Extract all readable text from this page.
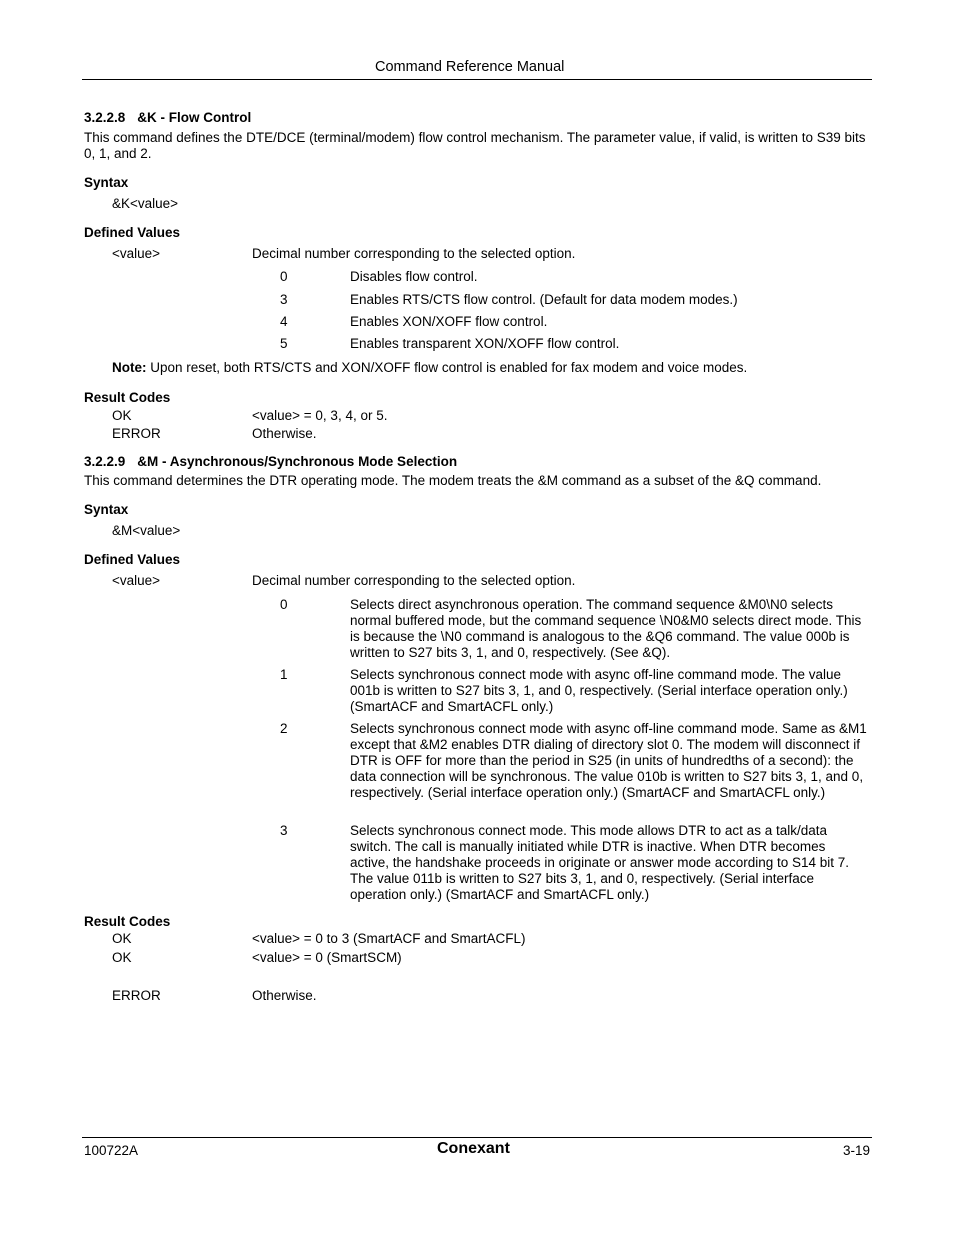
Command Reference Manual
3.2.2.8 &K - Flow Control
This command defines the DTE/DCE (terminal/modem) flow control mechanism. The parameter value, if valid, is written to S39 bits 0, 1, and 2.
Syntax
&K<value>
Defined Values
<value>	Decimal number corresponding to the selected option.
0	Disables flow control.
3	Enables RTS/CTS flow control. (Default for data modem modes.)
4	Enables XON/XOFF flow control.
5	Enables transparent XON/XOFF flow control.
Note: Upon reset, both RTS/CTS and XON/XOFF flow control is enabled for fax modem and voice modes.
Result Codes
OK	<value> = 0, 3, 4, or 5.
ERROR	Otherwise.
3.2.2.9 &M - Asynchronous/Synchronous Mode Selection
This command determines the DTR operating mode. The modem treats the &M command as a subset of the &Q command.
Syntax
&M<value>
Defined Values
<value>	Decimal number corresponding to the selected option.
0	Selects direct asynchronous operation. The command sequence &M0\N0 selects normal buffered mode, but the command sequence \N0&M0 selects direct mode. This is because the \N0 command is analogous to the &Q6 command. The value 000b is written to S27 bits 3, 1, and 0, respectively. (See &Q).
1	Selects synchronous connect mode with async off-line command mode. The value 001b is written to S27 bits 3, 1, and 0, respectively. (Serial interface operation only.) (SmartACF and SmartACFL only.)
2	Selects synchronous connect mode with async off-line command mode. Same as &M1 except that &M2 enables DTR dialing of directory slot 0. The modem will disconnect if DTR is OFF for more than the period in S25 (in units of hundredths of a second): the data connection will be synchronous. The value 010b is written to S27 bits 3, 1, and 0, respectively. (Serial interface operation only.) (SmartACF and SmartACFL only.)
3	Selects synchronous connect mode. This mode allows DTR to act as a talk/data switch. The call is manually initiated while DTR is inactive. When DTR becomes active, the handshake proceeds in originate or answer mode according to S14 bit 7. The value 011b is written to S27 bits 3, 1, and 0, respectively. (Serial interface operation only.) (SmartACF and SmartACFL only.)
Result Codes
OK	<value> = 0 to 3 (SmartACF and SmartACFL)
OK	<value> = 0 (SmartSCM)
ERROR	Otherwise.
100722A	Conexant	3-19
